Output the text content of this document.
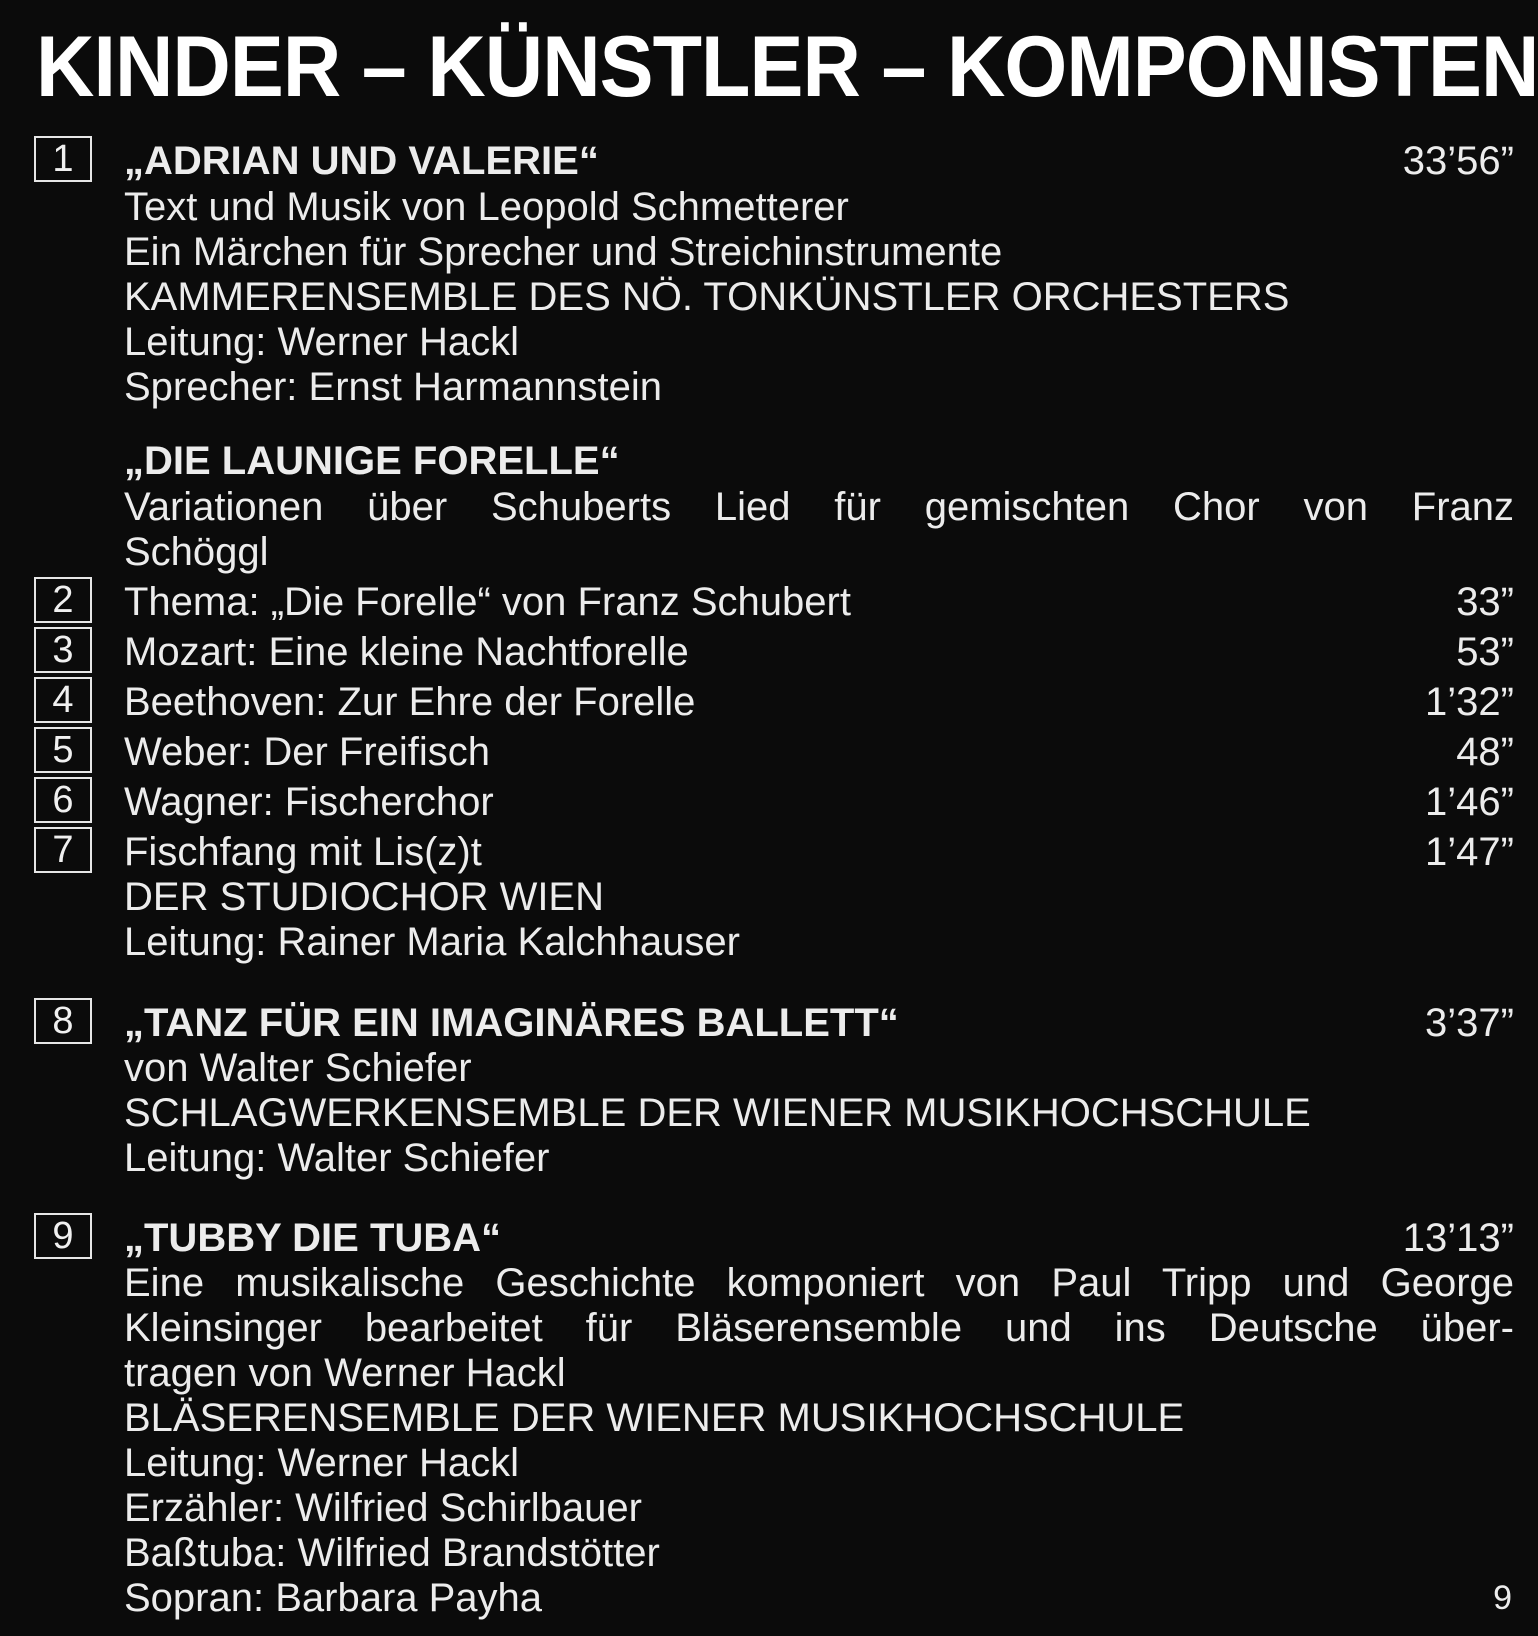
KINDER – KÜNSTLER – KOMPONISTEN
1	„ADRIAN UND VALERIE“	33’56”
Text und Musik von Leopold Schmetterer
Ein Märchen für Sprecher und Streichinstrumente
KAMMERENSEMBLE DES NÖ. TONKÜNSTLER ORCHESTERS
Leitung: Werner Hackl
Sprecher: Ernst Harmannstein
„DIE LAUNIGE FORELLE“
Variationen über Schuberts Lied für gemischten Chor von Franz
Schöggl
2	Thema: „Die Forelle“ von Franz Schubert	33”
3	Mozart: Eine kleine Nachtforelle	53”
4	Beethoven: Zur Ehre der Forelle	1’32”
5	Weber: Der Freifisch	48”
6	Wagner: Fischerchor	1’46”
7	Fischfang mit Lis(z)t	1’47”
DER STUDIOCHOR WIEN
Leitung: Rainer Maria Kalchhauser
8	„TANZ FÜR EIN IMAGINÄRES BALLETT“	3’37”
von Walter Schiefer
SCHLAGWERKENSEMBLE DER WIENER MUSIKHOCHSCHULE
Leitung: Walter Schiefer
9	„TUBBY DIE TUBA“	13’13”
Eine musikalische Geschichte komponiert von Paul Tripp und George
Kleinsinger bearbeitet für Bläserensemble und ins Deutsche über-
tragen von Werner Hackl
BLÄSERENSEMBLE DER WIENER MUSIKHOCHSCHULE
Leitung: Werner Hackl
Erzähler: Wilfried Schirlbauer
Baßtuba: Wilfried Brandstötter
Sopran: Barbara Payha	9
